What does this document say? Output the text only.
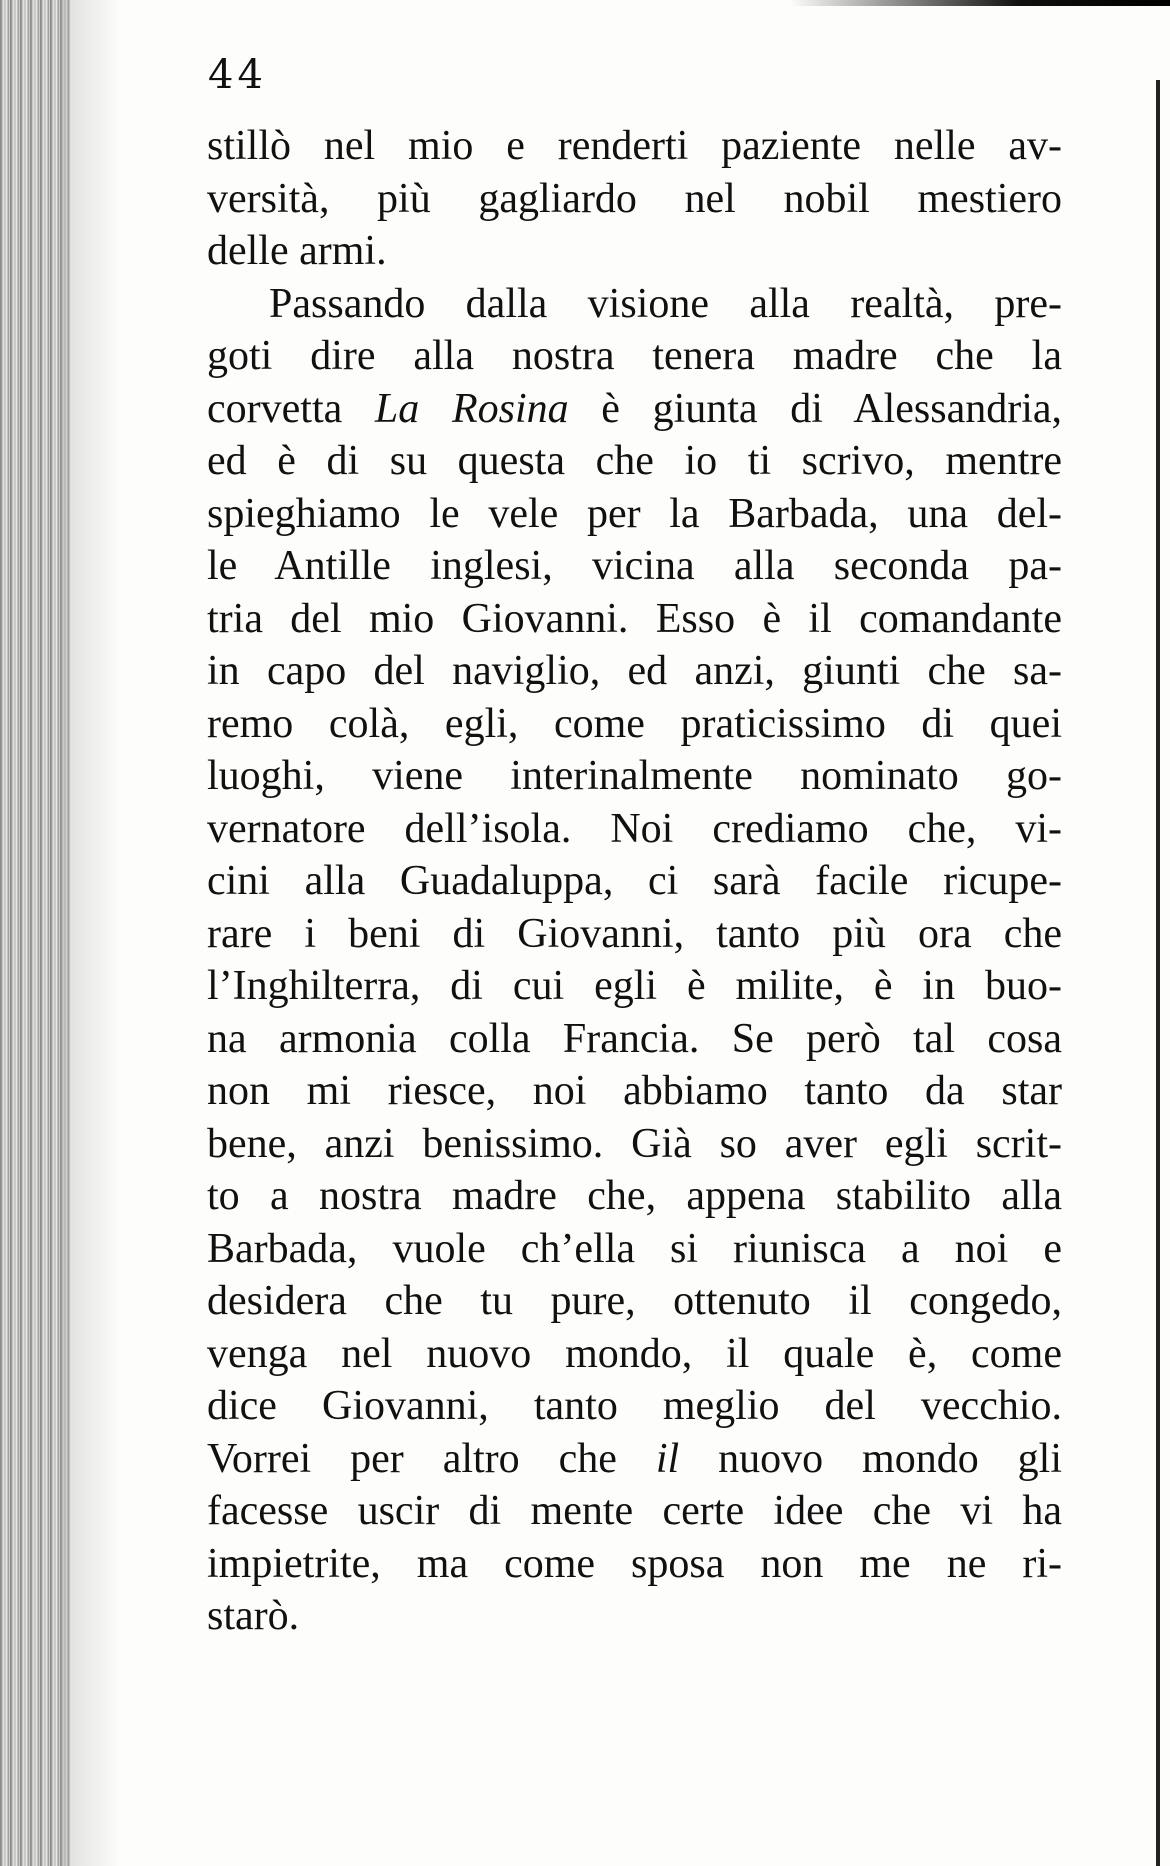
44
stillò nel mio e renderti paziente nelle av-
versità, più gagliardo nel nobil mestiero
delle armi.
Passando dalla visione alla realtà, pre-
goti dire alla nostra tenera madre che la
corvetta La Rosina è giunta di Alessandria,
ed è di su questa che io ti scrivo, mentre
spieghiamo le vele per la Barbada, una del-
le Antille inglesi, vicina alla seconda pa-
tria del mio Giovanni. Esso è il comandante
in capo del naviglio, ed anzi, giunti che sa-
remo colà, egli, come praticissimo di quei
luoghi, viene interinalmente nominato go-
vernatore dell’isola. Noi crediamo che, vi-
cini alla Guadaluppa, ci sarà facile ricupe-
rare i beni di Giovanni, tanto più ora che
l’Inghilterra, di cui egli è milite, è in buo-
na armonia colla Francia. Se però tal cosa
non mi riesce, noi abbiamo tanto da star
bene, anzi benissimo. Già so aver egli scrit-
to a nostra madre che, appena stabilito alla
Barbada, vuole ch’ella si riunisca a noi e
desidera che tu pure, ottenuto il congedo,
venga nel nuovo mondo, il quale è, come
dice Giovanni, tanto meglio del vecchio.
Vorrei per altro che il nuovo mondo gli
facesse uscir di mente certe idee che vi ha
impietrite, ma come sposa non me ne ri-
starò.
